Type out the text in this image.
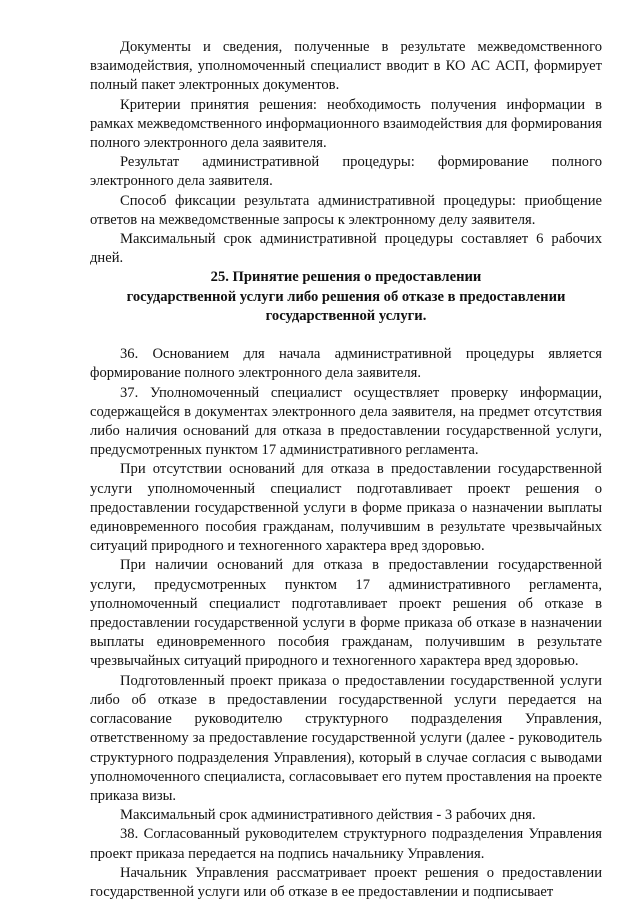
Документы и сведения, полученные в результате межведомственного взаимодействия, уполномоченный специалист вводит в КО АС АСП, формирует полный пакет электронных документов.

Критерии принятия решения: необходимость получения информации в рамках межведомственного информационного взаимодействия для формирования полного электронного дела заявителя.

Результат административной процедуры: формирование полного электронного дела заявителя.

Способ фиксации результата административной процедуры: приобщение ответов на межведомственные запросы к электронному делу заявителя.

Максимальный срок административной процедуры составляет 6 рабочих дней.

25. Принятие решения о предоставлении
государственной услуги либо решения об отказе в предоставлении
государственной услуги.

36. Основанием для начала административной процедуры является формирование полного электронного дела заявителя.

37. Уполномоченный специалист осуществляет проверку информации, содержащейся в документах электронного дела заявителя, на предмет отсутствия либо наличия оснований для отказа в предоставлении государственной услуги, предусмотренных пунктом 17 административного регламента.

При отсутствии оснований для отказа в предоставлении государственной услуги уполномоченный специалист подготавливает проект решения о предоставлении государственной услуги в форме приказа о назначении выплаты единовременного пособия гражданам, получившим в результате чрезвычайных ситуаций природного и техногенного характера вред здоровью.

При наличии оснований для отказа в предоставлении государственной услуги, предусмотренных пунктом 17 административного регламента, уполномоченный специалист подготавливает проект решения об отказе в предоставлении государственной услуги в форме приказа об отказе в назначении выплаты единовременного пособия гражданам, получившим в результате чрезвычайных ситуаций природного и техногенного характера вред здоровью.

Подготовленный проект приказа о предоставлении государственной услуги либо об отказе в предоставлении государственной услуги передается на согласование руководителю структурного подразделения Управления, ответственному за предоставление государственной услуги (далее - руководитель структурного подразделения Управления), который в случае согласия с выводами уполномоченного специалиста, согласовывает его путем проставления на проекте приказа визы.

Максимальный срок административного действия - 3 рабочих дня.

38. Согласованный руководителем структурного подразделения Управления проект приказа передается на подпись начальнику Управления.

Начальник Управления рассматривает проект решения о предоставлении государственной услуги или об отказе в ее предоставлении и подписывает
